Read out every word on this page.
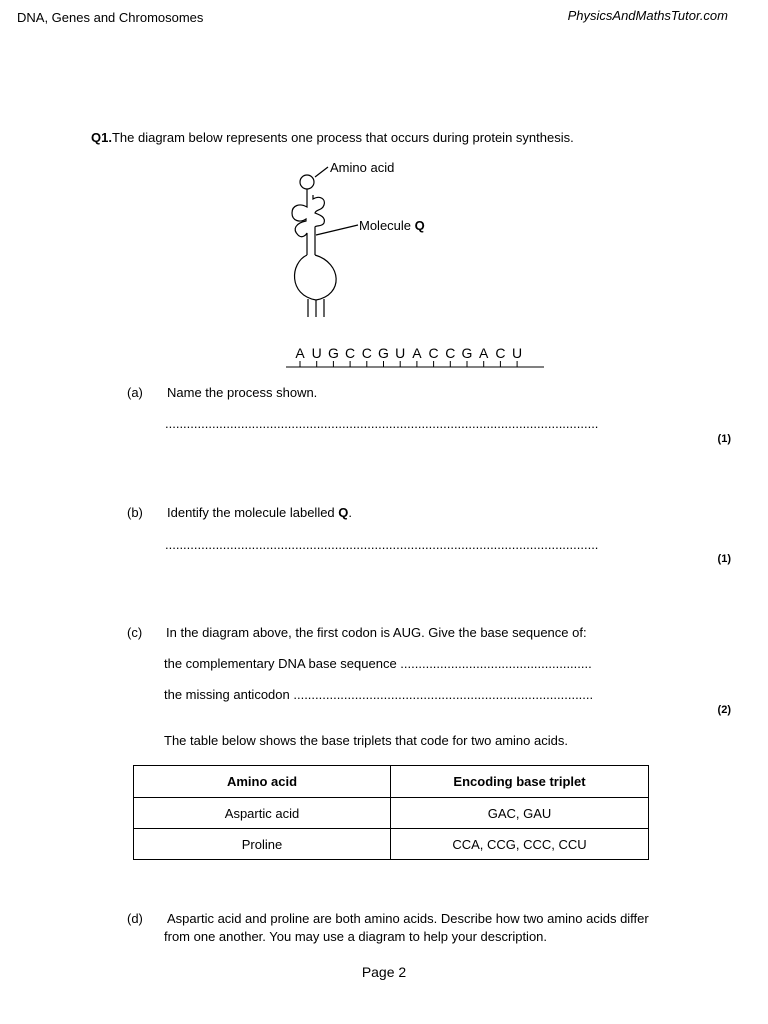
DNA, Genes and Chromosomes	PhysicsAndMathsTutor.com
Q1.The diagram below represents one process that occurs during protein synthesis.
Amino acid
Molecule Q
A U G C C G U A C C G A C U
(a) Name the process shown.
........................................................................................................................
(1)
(b) Identify the molecule labelled Q.
........................................................................................................................
(1)
(c) In the diagram above, the first codon is AUG. Give the base sequence of:
the complementary DNA base sequence .....................................................
the missing anticodon ...................................................................................
(2)
The table below shows the base triplets that code for two amino acids.
Amino acid	Encoding base triplet
Aspartic acid	GAC, GAU
Proline	CCA, CCG, CCC, CCU
(d) Aspartic acid and proline are both amino acids. Describe how two amino acids differ
from one another. You may use a diagram to help your description.
Page 2
